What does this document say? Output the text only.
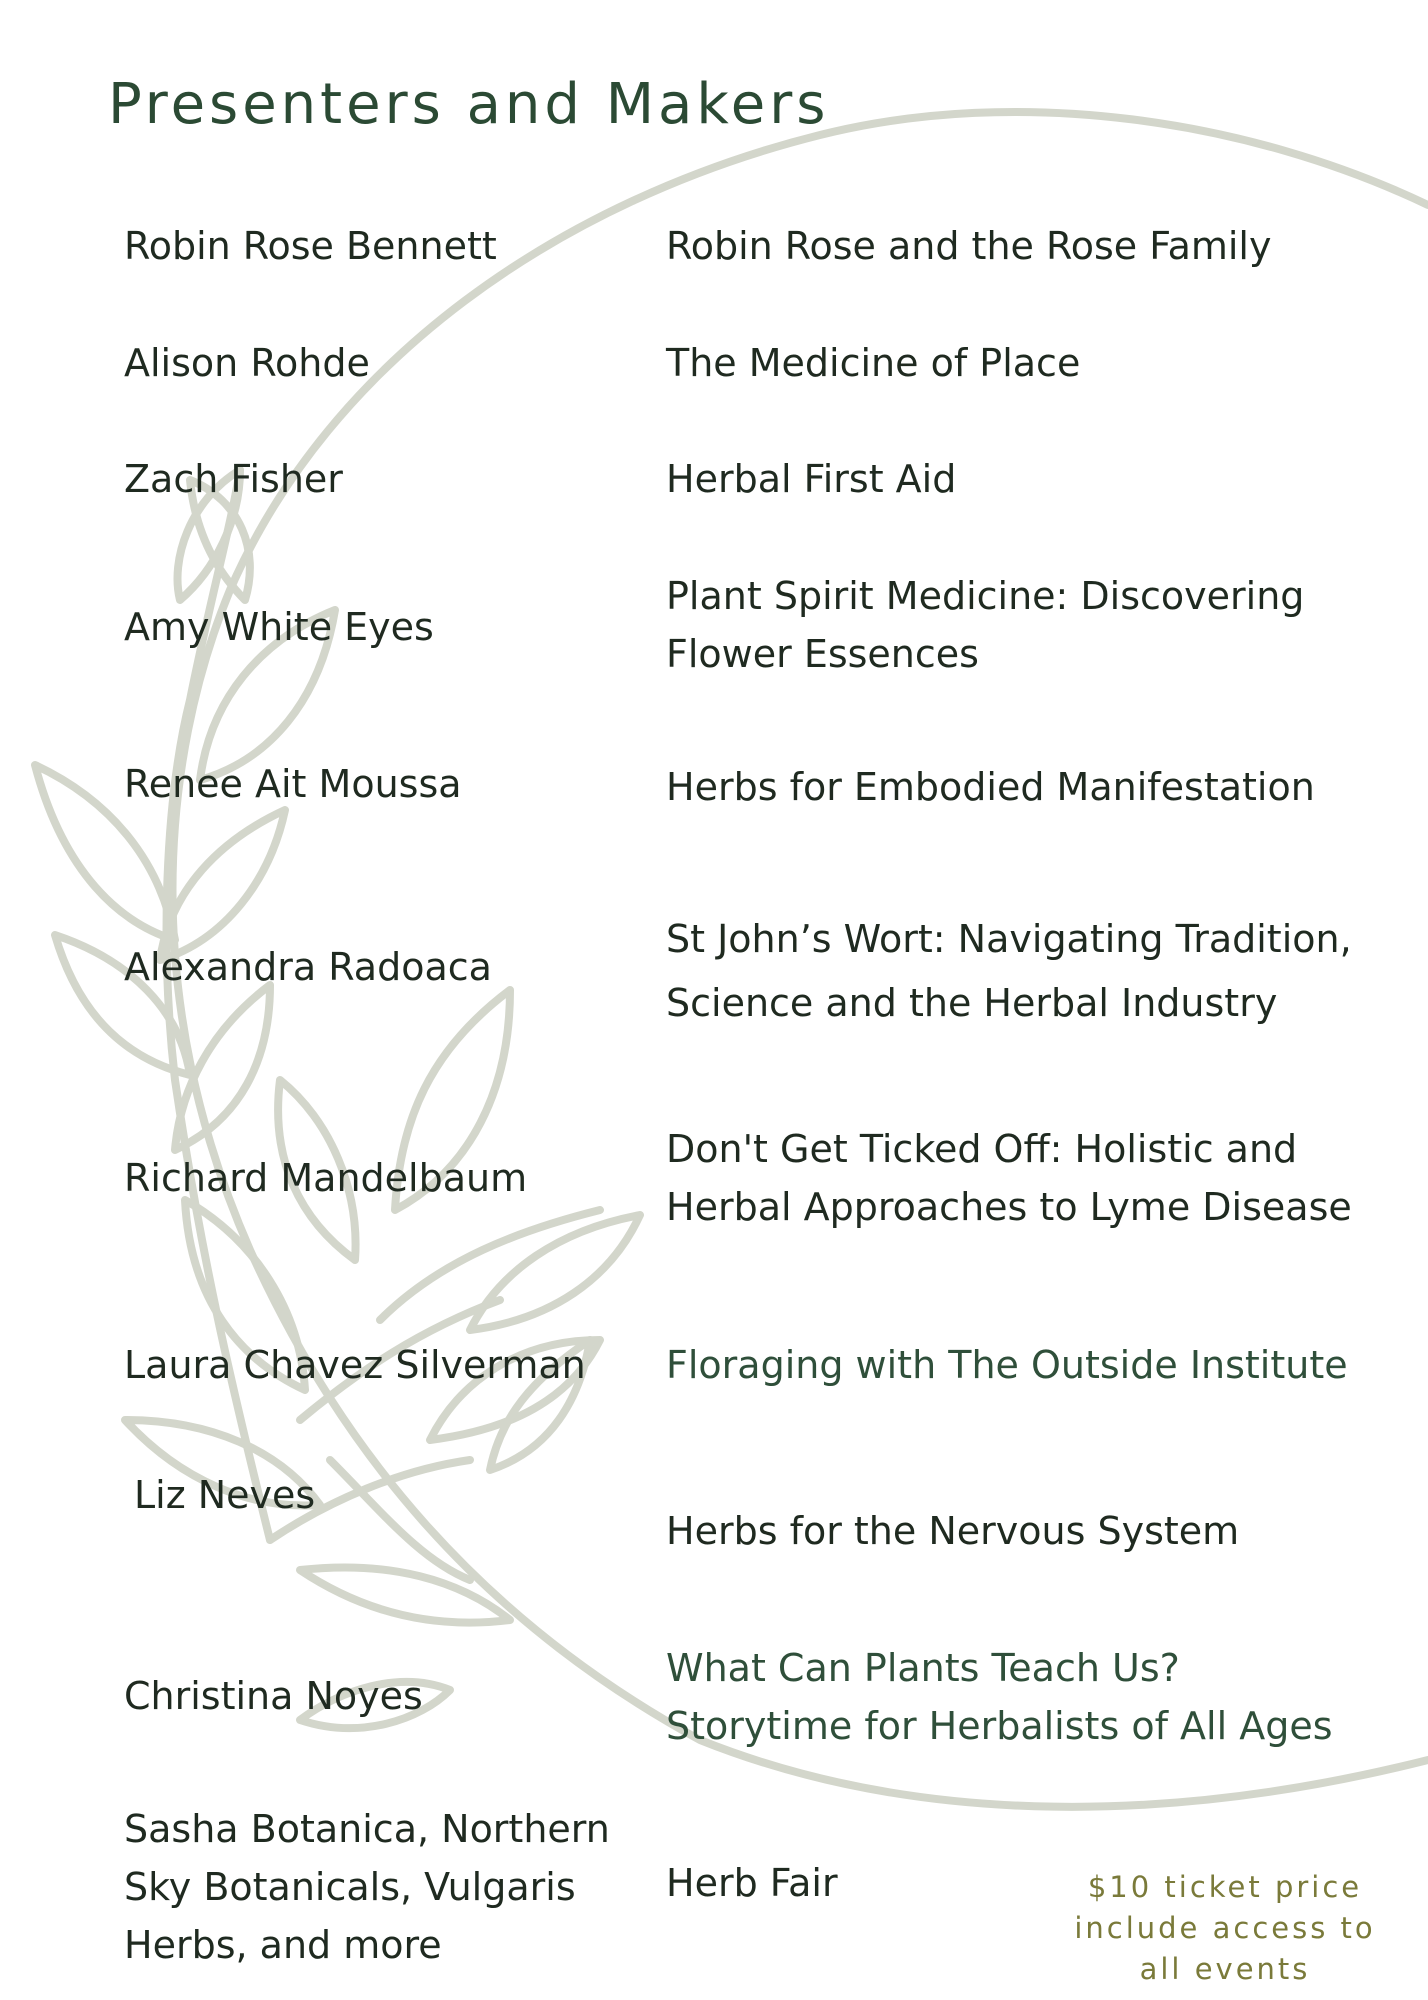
Presenters and Makers

Robin Rose Bennett

Alison Rohde

Zach Fisher

Amy White Eyes

Renee Ait Moussa

Alexandra Radoaca

Richard Mandelbaum

Laura Chavez Silverman

Liz Neves

Christina Noyes

Sasha Botanica, Northern
Sky Botanicals, Vulgaris
Herbs, and more

Robin Rose and the Rose Family

The Medicine of Place

Herbal First Aid

Plant Spirit Medicine: Discovering
Flower Essences

Herbs for Embodied Manifestation

St John’s Wort: Navigating Tradition,
Science and the Herbal Industry

Don't Get Ticked Off: Holistic and
Herbal Approaches to Lyme Disease

Floraging with The Outside Institute

Herbs for the Nervous System

What Can Plants Teach Us?
Storytime for Herbalists of All Ages

Herb Fair	$10 ticket price
include access to
all events
